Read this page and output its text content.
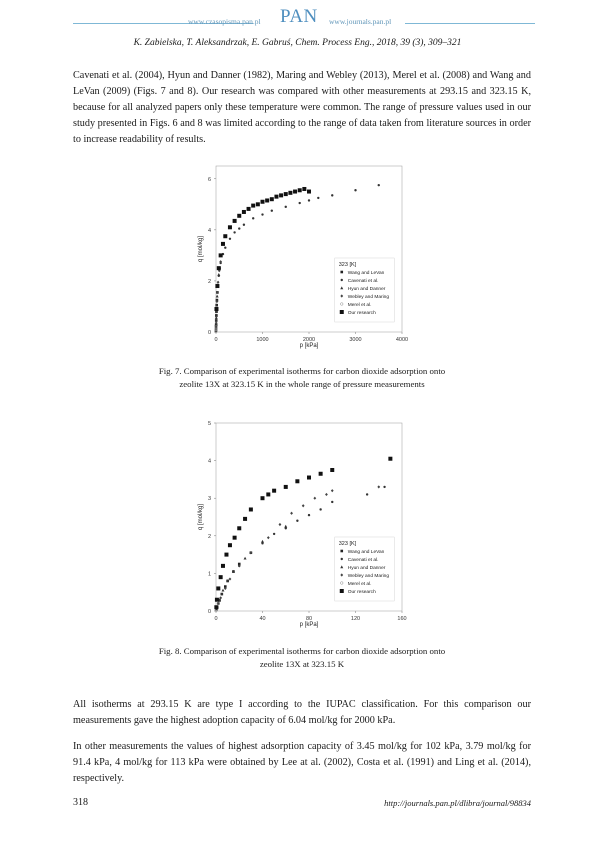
www.czasopisma.pan.pl PAN www.journals.pan.pl
K. Zabielska, T. Aleksandrzak, E. Gabruś, Chem. Process Eng., 2018, 39 (3), 309–321
Cavenati et al. (2004), Hyun and Danner (1982), Maring and Webley (2013), Merel et al. (2008) and Wang and LeVan (2009) (Figs. 7 and 8). Our research was compared with other measurements at 293.15 and 323.15 K, because for all analyzed papers only these temperature were common. The range of pressure values used in our study presented in Figs. 6 and 8 was limited according to the range of data taken from literature sources in order to increase readability of results.
0	1000	2000	3000	4000
0
2
4
6
p [kPa]
q [mol/kg]
323 [K]
Wang and LeVan
Cavenati et al.
Hyun and Danner
Webley and Maring
Merel et al.
Our research
Fig. 7. Comparison of experimental isotherms for carbon dioxide adsorption onto
zeolite 13X at 323.15 K in the whole range of pressure measurements
0	40	80	120	160
0
1
2
3
4
5
p [kPa]
q [mol/kg]
323 [K]
Wang and LeVan
Cavenati et al.
Hyun and Danner
Webley and Maring
Merel et al.
Our research
Fig. 8. Comparison of experimental isotherms for carbon dioxide adsorption onto
zeolite 13X at 323.15 K
All isotherms at 293.15 K are type I according to the IUPAC classification. For this comparison our measurements gave the highest adoption capacity of 6.04 mol/kg for 2000 kPa.
In other measurements the values of highest adsorption capacity of 3.45 mol/kg for 102 kPa, 3.79 mol/kg for 91.4 kPa, 4 mol/kg for 113 kPa were obtained by Lee at al. (2002), Costa et al. (1991) and Ling et al. (2014), respectively.
318	http://journals.pan.pl/dlibra/journal/98834
